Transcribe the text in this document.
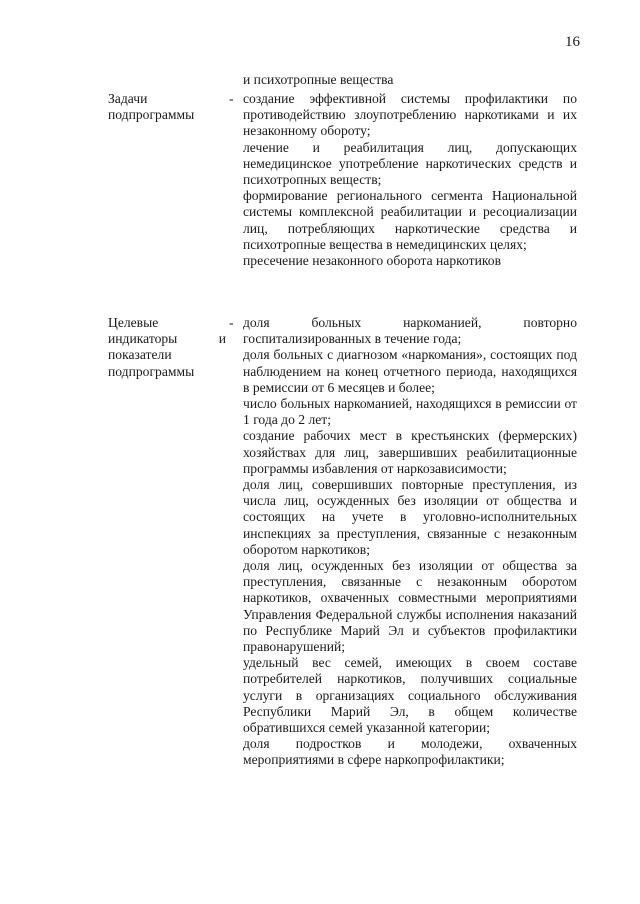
16
и психотропные вещества
Задачи
подпрограммы
- создание эффективной системы профилактики по противодействию злоупотреблению наркотиками и их незаконному обороту;
лечение и реабилитация лиц, допускающих немедицинское употребление наркотических средств и психотропных веществ;
формирование регионального сегмента Национальной системы комплексной реабилитации и ресоциализации лиц, потребляющих наркотические средства и психотропные вещества в немедицинских целях;
пресечение незаконного оборота наркотиков
Целевые
индикаторы и
показатели
подпрограммы
- доля больных наркоманией, повторно госпитализированных в течение года;
доля больных с диагнозом «наркомания», состоящих под наблюдением на конец отчетного периода, находящихся в ремиссии от 6 месяцев и более;
число больных наркоманией, находящихся в ремиссии от 1 года до 2 лет;
создание рабочих мест в крестьянских (фермерских) хозяйствах для лиц, завершивших реабилитационные программы избавления от наркозависимости;
доля лиц, совершивших повторные преступления, из числа лиц, осужденных без изоляции от общества и состоящих на учете в уголовно-исполнительных инспекциях за преступления, связанные с незаконным оборотом наркотиков;
доля лиц, осужденных без изоляции от общества за преступления, связанные с незаконным оборотом наркотиков, охваченных совместными мероприятиями Управления Федеральной службы исполнения наказаний по Республике Марий Эл и субъектов профилактики правонарушений;
удельный вес семей, имеющих в своем составе потребителей наркотиков, получивших социальные услуги в организациях социального обслуживания Республики Марий Эл, в общем количестве обратившихся семей указанной категории;
доля подростков и молодежи, охваченных мероприятиями в сфере наркопрофилактики;
